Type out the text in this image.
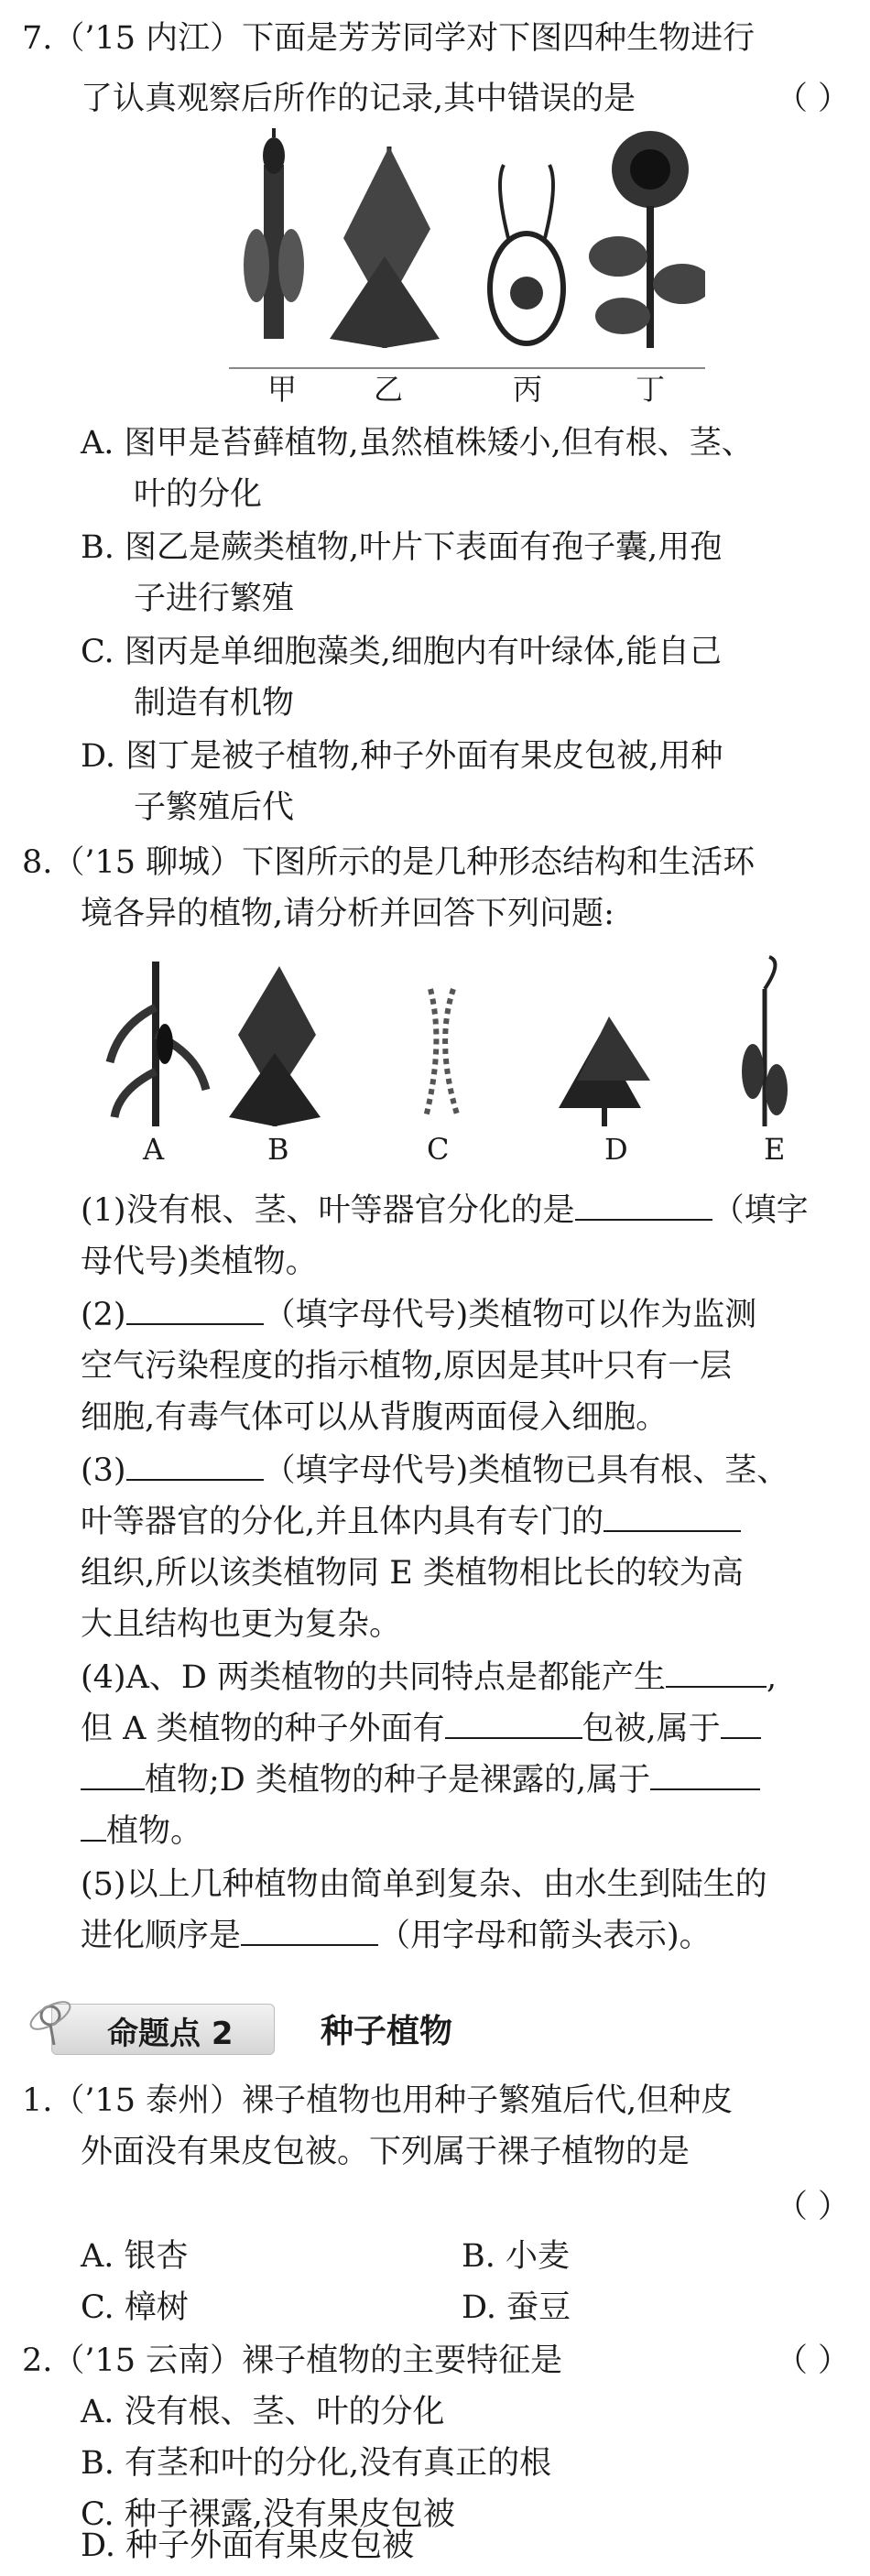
7.（’15 内江）下面是芳芳同学对下图四种生物进行
了认真观察后所作的记录,其中错误的是	（ ）
甲	乙	丙	丁
A. 图甲是苔藓植物,虽然植株矮小,但有根、茎、
叶的分化
B. 图乙是蕨类植物,叶片下表面有孢子囊,用孢
子进行繁殖
C. 图丙是单细胞藻类,细胞内有叶绿体,能自己
制造有机物
D. 图丁是被子植物,种子外面有果皮包被,用种
子繁殖后代
8.（’15 聊城）下图所示的是几种形态结构和生活环
境各异的植物,请分析并回答下列问题:
A	B	C	D	E
(1)没有根、茎、叶等器官分化的是	（填字
母代号)类植物。
(2)	（填字母代号)类植物可以作为监测
空气污染程度的指示植物,原因是其叶只有一层
细胞,有毒气体可以从背腹两面侵入细胞。
(3)	（填字母代号)类植物已具有根、茎、
叶等器官的分化,并且体内具有专门的
组织,所以该类植物同 E 类植物相比长的较为高
大且结构也更为复杂。
(4)A、D 两类植物的共同特点是都能产生	,
但 A 类植物的种子外面有	包被,属于
植物;D 类植物的种子是裸露的,属于
植物。
(5)以上几种植物由简单到复杂、由水生到陆生的
进化顺序是	（用字母和箭头表示)。
命题点 2	种子植物
1.（’15 泰州）裸子植物也用种子繁殖后代,但种皮
外面没有果皮包被。下列属于裸子植物的是
（ ）
A. 银杏	B. 小麦
C. 樟树	D. 蚕豆
2.（’15 云南）裸子植物的主要特征是	（ ）
A. 没有根、茎、叶的分化
B. 有茎和叶的分化,没有真正的根
C. 种子裸露,没有果皮包被
D. 种子外面有果皮包被
